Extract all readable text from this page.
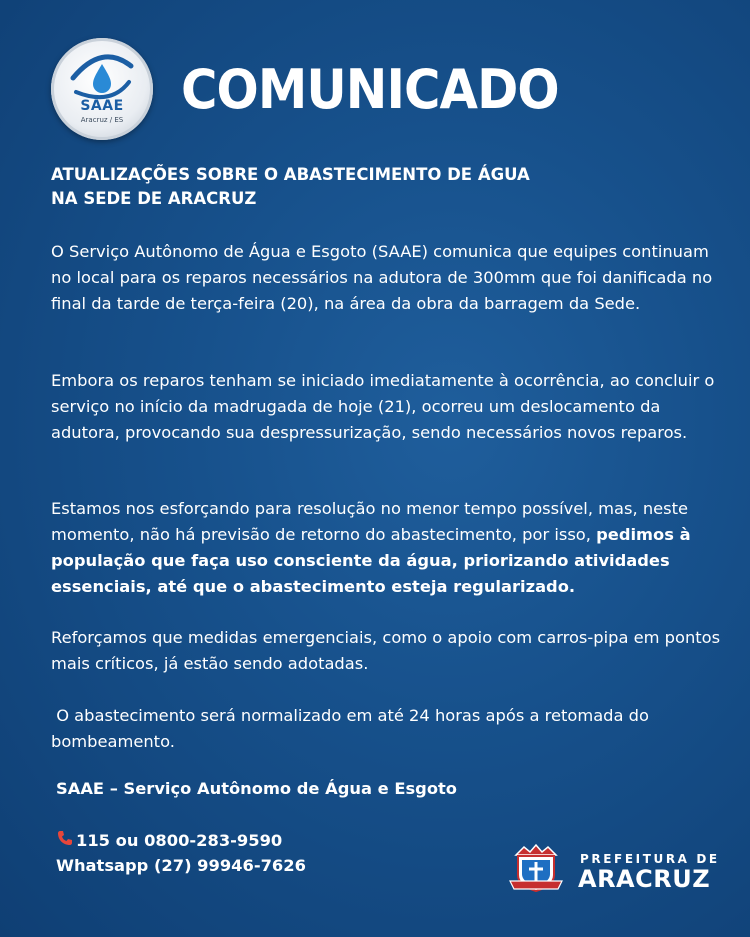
SAAE
Aracruz / ES	COMUNICADO
ATUALIZAÇÕES SOBRE O ABASTECIMENTO DE ÁGUA
NA SEDE DE ARACRUZ
O Serviço Autônomo de Água e Esgoto (SAAE) comunica que equipes continuam no local para os reparos necessários na adutora de 300mm que foi danificada no final da tarde de terça-feira (20), na área da obra da barragem da Sede.
Embora os reparos tenham se iniciado imediatamente à ocorrência, ao concluir o serviço no início da madrugada de hoje (21), ocorreu um deslocamento da adutora, provocando sua despressurização, sendo necessários novos reparos.
Estamos nos esforçando para resolução no menor tempo possível, mas, neste momento, não há previsão de retorno do abastecimento, por isso, pedimos à população que faça uso consciente da água, priorizando atividades essenciais, até que o abastecimento esteja regularizado.
Reforçamos que medidas emergenciais, como o apoio com carros-pipa em pontos mais críticos, já estão sendo adotadas.
O abastecimento será normalizado em até 24 horas após a retomada do bombeamento.
SAAE – Serviço Autônomo de Água e Esgoto
115 ou 0800-283-9590
Whatsapp (27) 99946-7626	PREFEITURA DE
ARACRUZ
